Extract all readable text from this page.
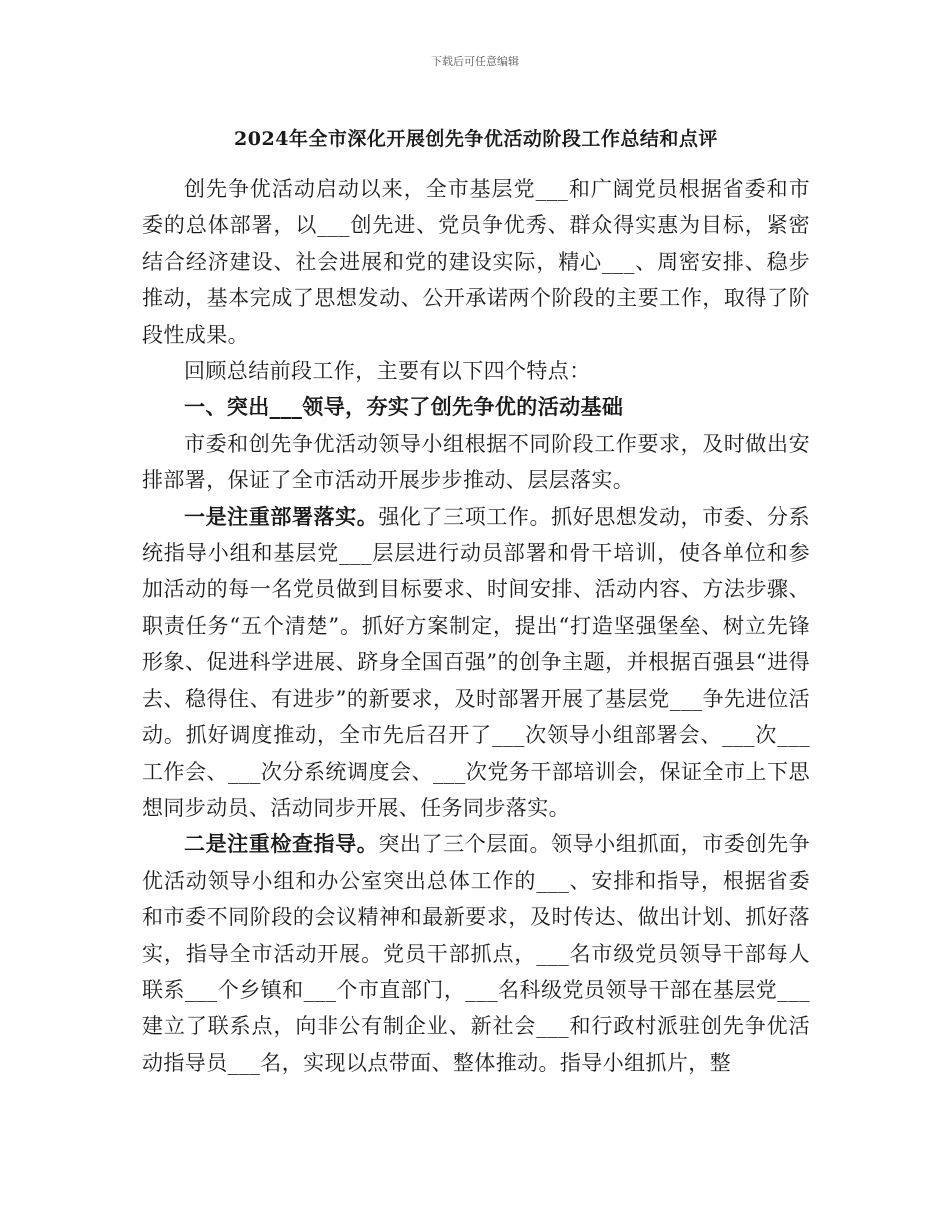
下载后可任意编辑
2024年全市深化开展创先争优活动阶段工作总结和点评

创先争优活动启动以来，全市基层党___和广阔党员根据省委和市委的总体部署，以___创先进、党员争优秀、群众得实惠为目标，紧密结合经济建设、社会进展和党的建设实际，精心___、周密安排、稳步推动，基本完成了思想发动、公开承诺两个阶段的主要工作，取得了阶段性成果。

回顾总结前段工作，主要有以下四个特点：

一、突出___领导，夯实了创先争优的活动基础

市委和创先争优活动领导小组根据不同阶段工作要求，及时做出安排部署，保证了全市活动开展步步推动、层层落实。

一是注重部署落实。强化了三项工作。抓好思想发动，市委、分系统指导小组和基层党___层层进行动员部署和骨干培训，使各单位和参加活动的每一名党员做到目标要求、时间安排、活动内容、方法步骤、职责任务“五个清楚”。抓好方案制定，提出“打造坚强堡垒、树立先锋形象、促进科学进展、跻身全国百强”的创争主题，并根据百强县“进得去、稳得住、有进步”的新要求，及时部署开展了基层党___争先进位活动。抓好调度推动，全市先后召开了___次领导小组部署会、___次___工作会、___次分系统调度会、___次党务干部培训会，保证全市上下思想同步动员、活动同步开展、任务同步落实。

二是注重检查指导。突出了三个层面。领导小组抓面，市委创先争优活动领导小组和办公室突出总体工作的___、安排和指导，根据省委和市委不同阶段的会议精神和最新要求，及时传达、做出计划、抓好落实，指导全市活动开展。党员干部抓点，___名市级党员领导干部每人联系___个乡镇和___个市直部门，___名科级党员领导干部在基层党___建立了联系点，向非公有制企业、新社会___和行政村派驻创先争优活动指导员___名，实现以点带面、整体推动。指导小组抓片，整
